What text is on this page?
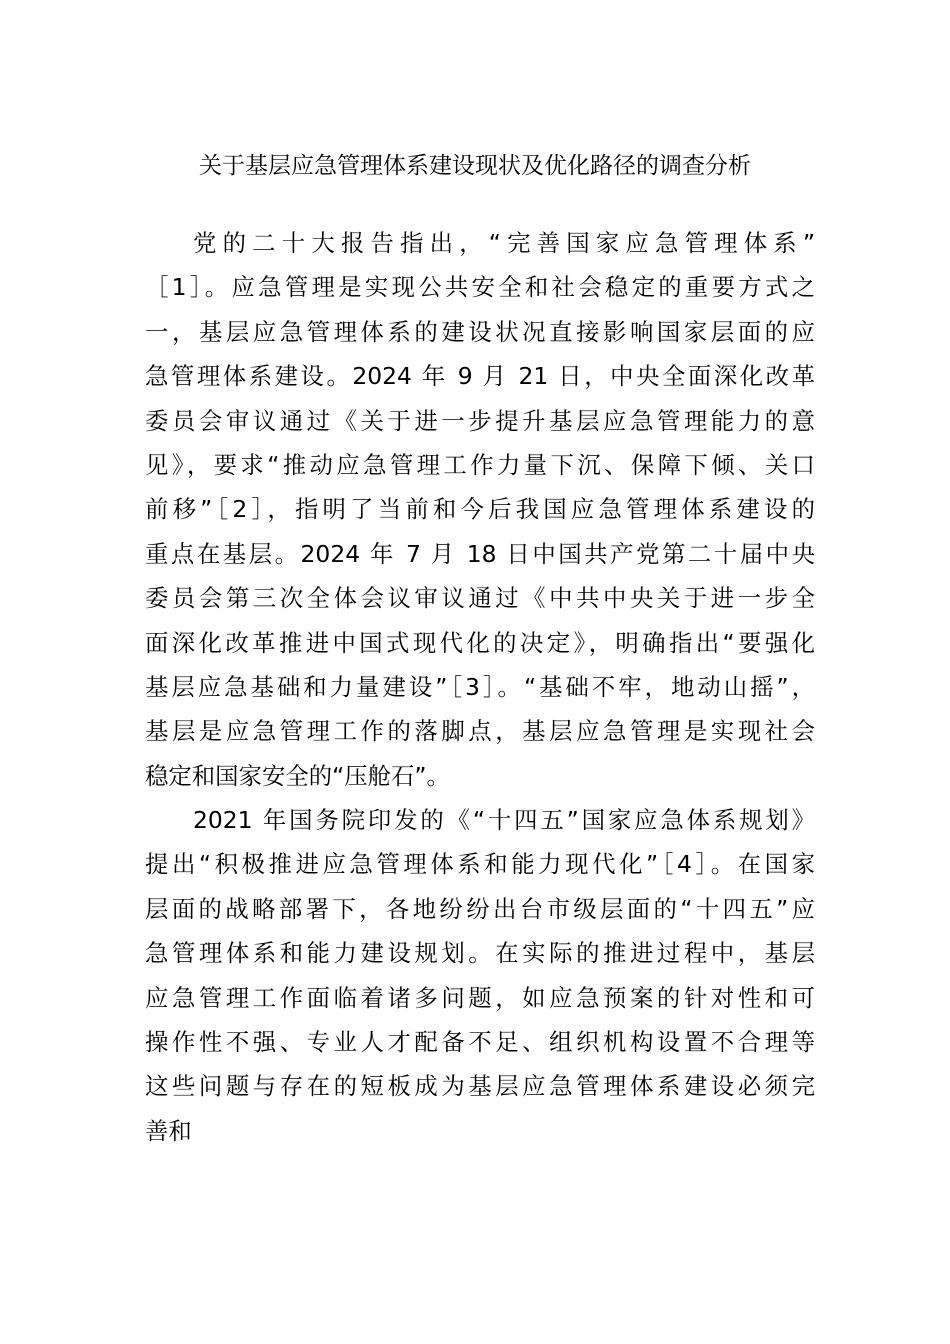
关于基层应急管理体系建设现状及优化路径的调查分析
党的二十大报告指出，“完善国家应急管理体系”
［1］。应急管理是实现公共安全和社会稳定的重要方式之
一，基层应急管理体系的建设状况直接影响国家层面的应
急管理体系建设。2024 年 9 月 21 日，中央全面深化改革
委员会审议通过《关于进一步提升基层应急管理能力的意
见》，要求“推动应急管理工作力量下沉、保障下倾、关口
前移”［2］，指明了当前和今后我国应急管理体系建设的
重点在基层。2024 年 7 月 18 日中国共产党第二十届中央
委员会第三次全体会议审议通过《中共中央关于进一步全
面深化改革推进中国式现代化的决定》，明确指出“要强化
基层应急基础和力量建设”［3］。“基础不牢，地动山摇”，
基层是应急管理工作的落脚点，基层应急管理是实现社会
稳定和国家安全的“压舱石”。
2021 年国务院印发的《“十四五”国家应急体系规划》
提出“积极推进应急管理体系和能力现代化”［4］。在国家
层面的战略部署下，各地纷纷出台市级层面的“十四五”应
急管理体系和能力建设规划。在实际的推进过程中，基层
应急管理工作面临着诸多问题，如应急预案的针对性和可
操作性不强、专业人才配备不足、组织机构设置不合理等
这些问题与存在的短板成为基层应急管理体系建设必须完
善和
